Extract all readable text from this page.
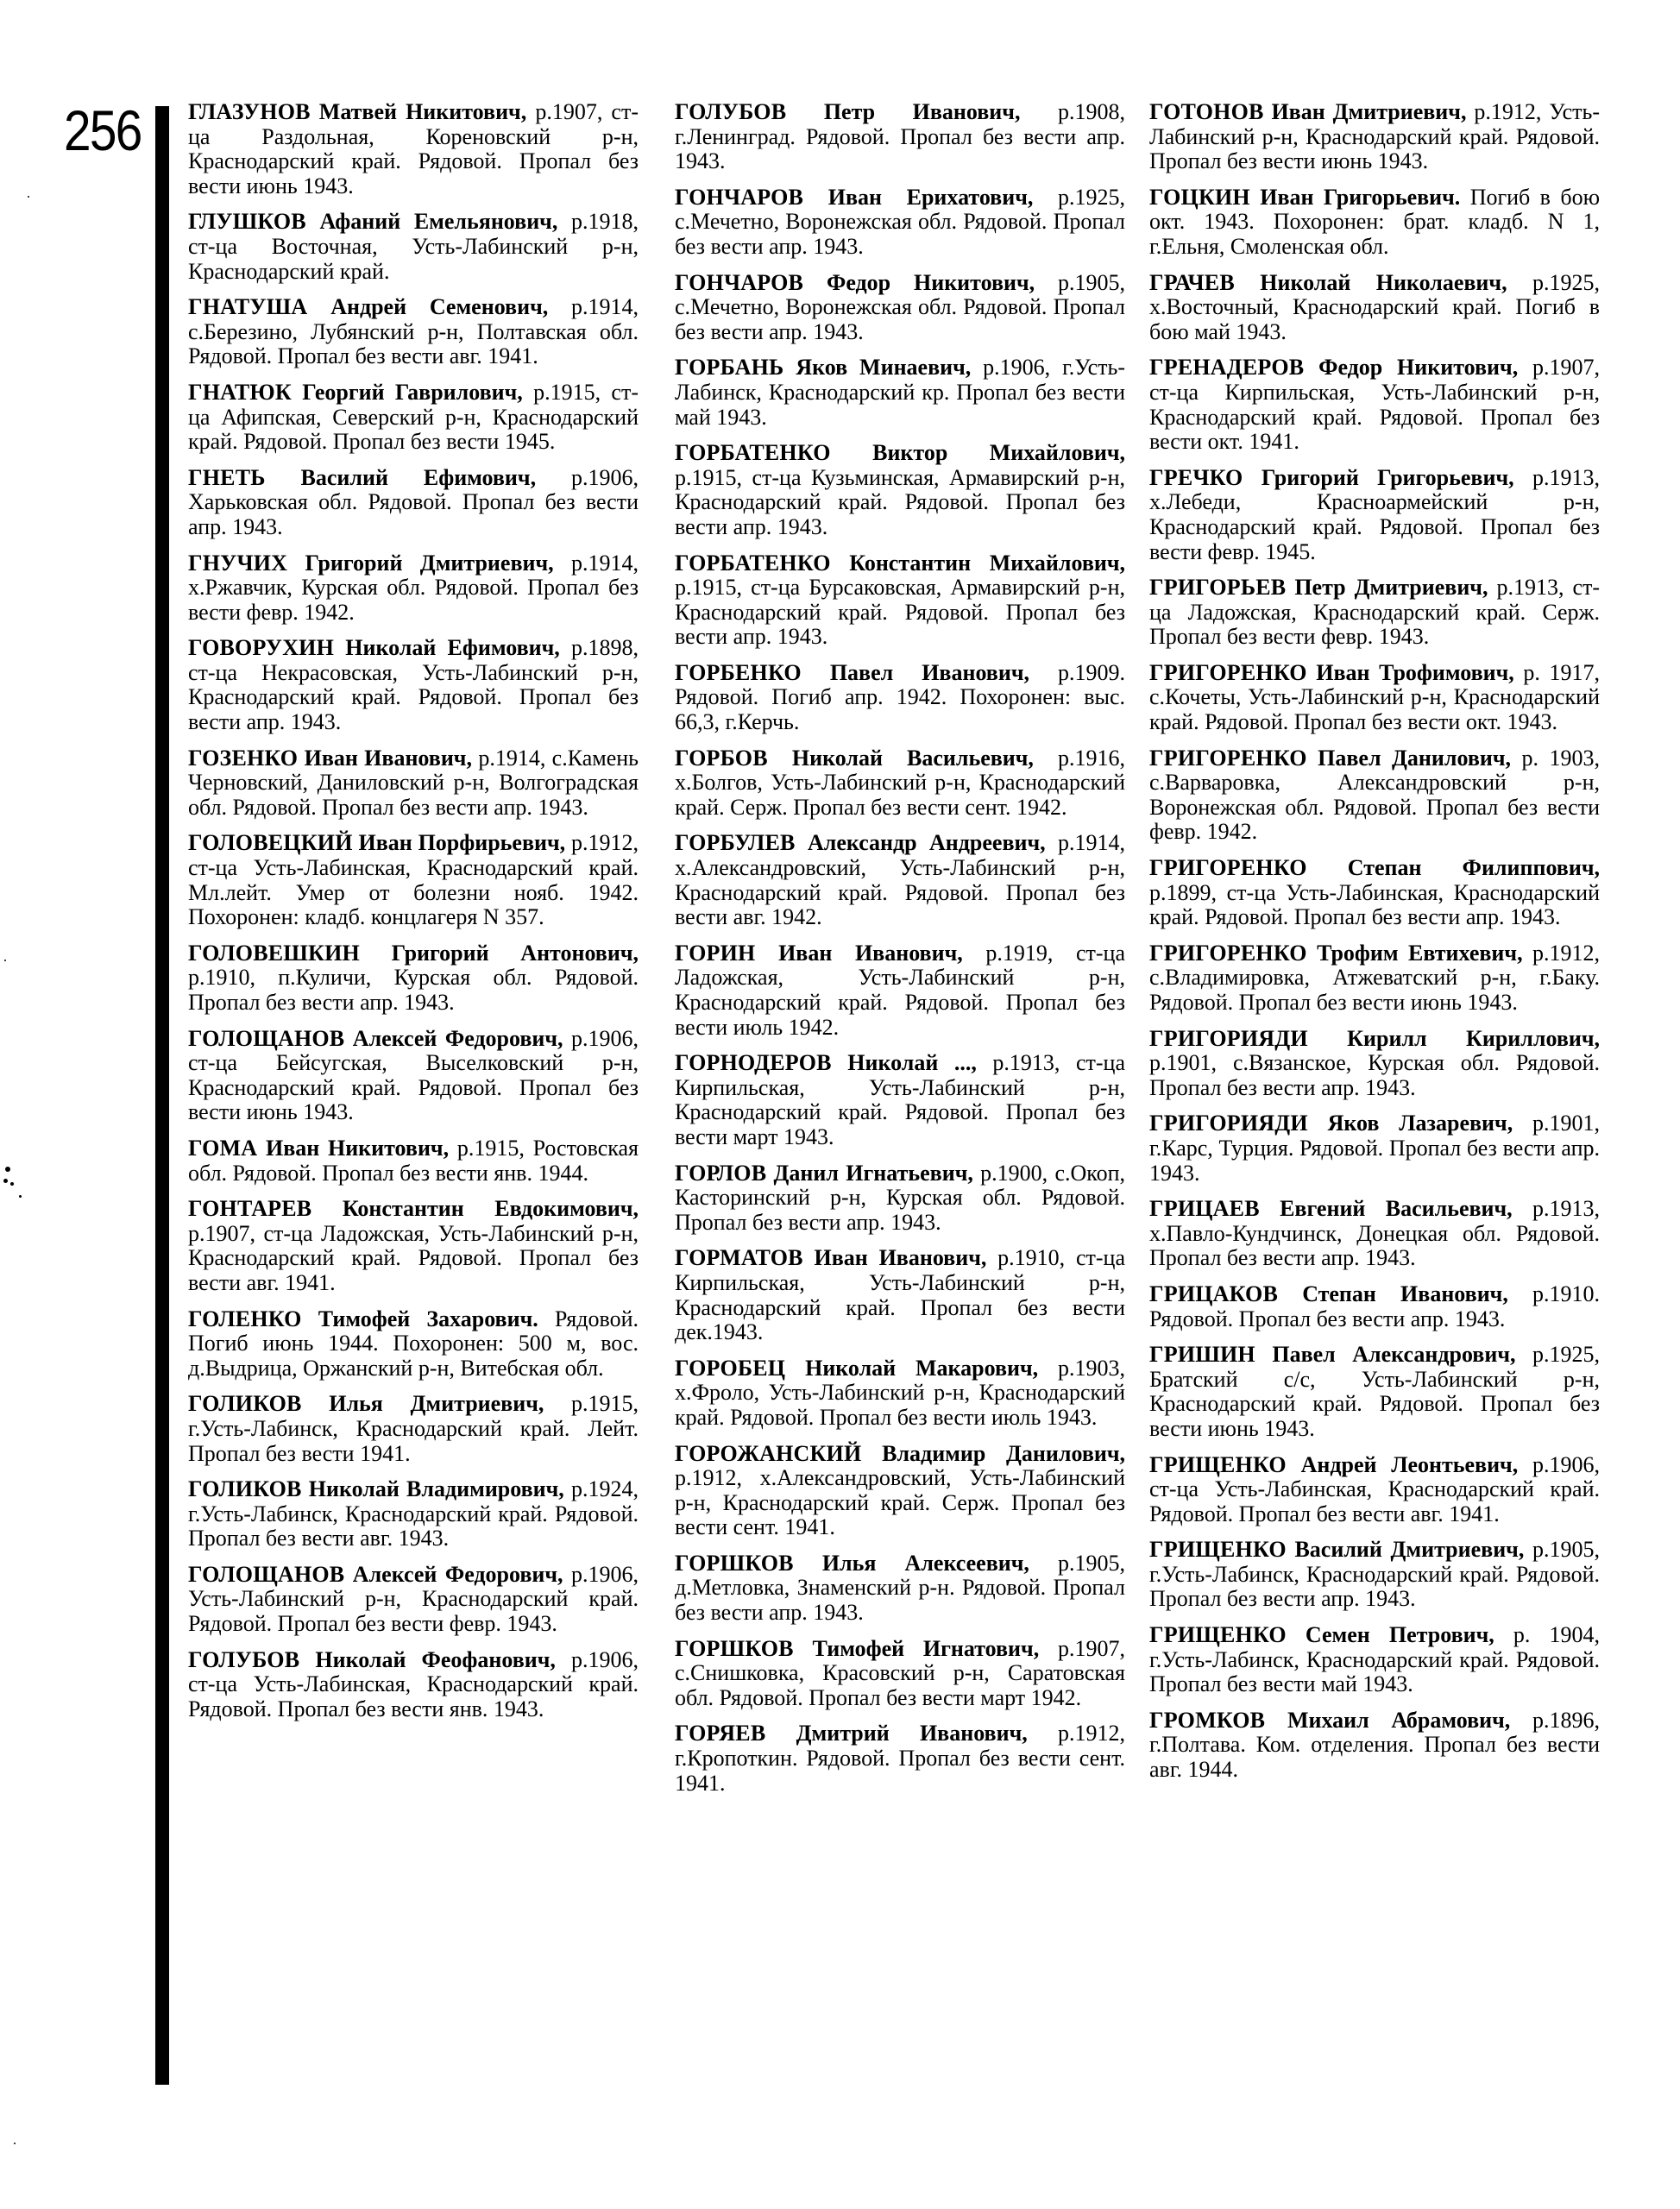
256 ГЛАЗУНОВ Матвей Никитович, р.1907, ст-ца Раздольная, Кореновский р-н, Краснодарский край. Рядовой. Пропал без вести июнь 1943.

ГЛУШКОВ Афаний Емельянович, р.1918, ст-ца Восточная, Усть-Лабинский р-н, Краснодарский край.

ГНАТУША Андрей Семенович, р.1914, с.Березино, Лубянский р-н, Полтавская обл. Рядовой. Пропал без вести авг. 1941.

ГНАТЮК Георгий Гаврилович, р.1915, ст-ца Афипская, Северский р-н, Краснодарский край. Рядовой. Пропал без вести 1945.

ГНЕТЬ Василий Ефимович, р.1906, Харьковская обл. Рядовой. Пропал без вести апр. 1943.

ГНУЧИХ Григорий Дмитриевич, р.1914, х.Ржавчик, Курская обл. Рядовой. Пропал без вести февр. 1942.

ГОВОРУХИН Николай Ефимович, р.1898, ст-ца Некрасовская, Усть-Лабинский р-н, Краснодарский край. Рядовой. Пропал без вести апр. 1943.

ГОЗЕНКО Иван Иванович, р.1914, с.Камень Черновский, Даниловский р-н, Волгоградская обл. Рядовой. Пропал без вести апр. 1943.

ГОЛОВЕЦКИЙ Иван Порфирьевич, р.1912, ст-ца Усть-Лабинская, Краснодарский край. Мл.лейт. Умер от болезни нояб. 1942. Похоронен: кладб. концлагеря N 357.

ГОЛОВЕШКИН Григорий Антонович, р.1910, п.Куличи, Курская обл. Рядовой. Пропал без вести апр. 1943.

ГОЛОЩАНОВ Алексей Федорович, р.1906, ст-ца Бейсугская, Выселковский р-н, Краснодарский край. Рядовой. Пропал без вести июнь 1943.

ГОМА Иван Никитович, р.1915, Ростовская обл. Рядовой. Пропал без вести янв. 1944.

ГОНТАРЕВ Константин Евдокимович, р.1907, ст-ца Ладожская, Усть-Лабинский р-н, Краснодарский край. Рядовой. Пропал без вести авг. 1941.

ГОЛЕНКО Тимофей Захарович. Рядовой. Погиб июнь 1944. Похоронен: 500 м, вос. д.Выдрица, Оржанский р-н, Витебская обл.

ГОЛИКОВ Илья Дмитриевич, р.1915, г.Усть-Лабинск, Краснодарский край. Лейт. Пропал без вести 1941.

ГОЛИКОВ Николай Владимирович, р.1924, г.Усть-Лабинск, Краснодарский край. Рядовой. Пропал без вести авг. 1943.

ГОЛОЩАНОВ Алексей Федорович, р.1906, Усть-Лабинский р-н, Краснодарский край. Рядовой. Пропал без вести февр. 1943.

ГОЛУБОВ Николай Феофанович, р.1906, ст-ца Усть-Лабинская, Краснодарский край. Рядовой. Пропал без вести янв. 1943.

ГОЛУБОВ Петр Иванович, р.1908, г.Ленинград. Рядовой. Пропал без вести апр. 1943.

ГОНЧАРОВ Иван Ерихатович, р.1925, с.Мечетно, Воронежская обл. Рядовой. Пропал без вести апр. 1943.

ГОНЧАРОВ Федор Никитович, р.1905, с.Мечетно, Воронежская обл. Рядовой. Пропал без вести апр. 1943.

ГОРБАНЬ Яков Минаевич, р.1906, г.Усть-Лабинск, Краснодарский кр. Пропал без вести май 1943.

ГОРБАТЕНКО Виктор Михайлович, р.1915, ст-ца Кузьминская, Армавирский р-н, Краснодарский край. Рядовой. Пропал без вести апр. 1943.

ГОРБАТЕНКО Константин Михайлович, р.1915, ст-ца Бурсаковская, Армавирский р-н, Краснодарский край. Рядовой. Пропал без вести апр. 1943.

ГОРБЕНКО Павел Иванович, р.1909. Рядовой. Погиб апр. 1942. Похоронен: выс. 66,3, г.Керчь.

ГОРБОВ Николай Васильевич, р.1916, х.Болгов, Усть-Лабинский р-н, Краснодарский край. Серж. Пропал без вести сент. 1942.

ГОРБУЛЕВ Александр Андреевич, р.1914, х.Александровский, Усть-Лабинский р-н, Краснодарский край. Рядовой. Пропал без вести авг. 1942.

ГОРИН Иван Иванович, р.1919, ст-ца Ладожская, Усть-Лабинский р-н, Краснодарский край. Рядовой. Пропал без вести июль 1942.

ГОРНОДЕРОВ Николай ..., р.1913, ст-ца Кирпильская, Усть-Лабинский р-н, Краснодарский край. Рядовой. Пропал без вести март 1943.

ГОРЛОВ Данил Игнатьевич, р.1900, с.Окоп, Касторинский р-н, Курская обл. Рядовой. Пропал без вести апр. 1943.

ГОРМАТОВ Иван Иванович, р.1910, ст-ца Кирпильская, Усть-Лабинский р-н, Краснодарский край. Пропал без вести дек.1943.

ГОРОБЕЦ Николай Макарович, р.1903, х.Фроло, Усть-Лабинский р-н, Краснодарский край. Рядовой. Пропал без вести июль 1943.

ГОРОЖАНСКИЙ Владимир Данилович, р.1912, х.Александровский, Усть-Лабинский р-н, Краснодарский край. Серж. Пропал без вести сент. 1941.

ГОРШКОВ Илья Алексеевич, р.1905, д.Метловка, Знаменский р-н. Рядовой. Пропал без вести апр. 1943.

ГОРШКОВ Тимофей Игнатович, р.1907, с.Снишковка, Красовский р-н, Саратовская обл. Рядовой. Пропал без вести март 1942.

ГОРЯЕВ Дмитрий Иванович, р.1912, г.Кропоткин. Рядовой. Пропал без вести сент. 1941.

ГОТОНОВ Иван Дмитриевич, р.1912, Усть-Лабинский р-н, Краснодарский край. Рядовой. Пропал без вести июнь 1943.

ГОЦКИН Иван Григорьевич. Погиб в бою окт. 1943. Похоронен: брат. кладб. N 1, г.Ельня, Смоленская обл.

ГРАЧЕВ Николай Николаевич, р.1925, х.Восточный, Краснодарский край. Погиб в бою май 1943.

ГРЕНАДЕРОВ Федор Никитович, р.1907, ст-ца Кирпильская, Усть-Лабинский р-н, Краснодарский край. Рядовой. Пропал без вести окт. 1941.

ГРЕЧКО Григорий Григорьевич, р.1913, х.Лебеди, Красноармейский р-н, Краснодарский край. Рядовой. Пропал без вести февр. 1945.

ГРИГОРЬЕВ Петр Дмитриевич, р.1913, ст-ца Ладожская, Краснодарский край. Серж. Пропал без вести февр. 1943.

ГРИГОРЕНКО Иван Трофимович, р. 1917, с.Кочеты, Усть-Лабинский р-н, Краснодарский край. Рядовой. Пропал без вести окт. 1943.

ГРИГОРЕНКО Павел Данилович, р. 1903, с.Варваровка, Александровский р-н, Воронежская обл. Рядовой. Пропал без вести февр. 1942.

ГРИГОРЕНКО Степан Филиппович, р.1899, ст-ца Усть-Лабинская, Краснодарский край. Рядовой. Пропал без вести апр. 1943.

ГРИГОРЕНКО Трофим Евтихевич, р.1912, с.Владимировка, Атжеватский р-н, г.Баку. Рядовой. Пропал без вести июнь 1943.

ГРИГОРИЯДИ Кирилл Кириллович, р.1901, с.Вязанское, Курская обл. Рядовой. Пропал без вести апр. 1943.

ГРИГОРИЯДИ Яков Лазаревич, р.1901, г.Карс, Турция. Рядовой. Пропал без вести апр. 1943.

ГРИЦАЕВ Евгений Васильевич, р.1913, х.Павло-Кундчинск, Донецкая обл. Рядовой. Пропал без вести апр. 1943.

ГРИЦАКОВ Степан Иванович, р.1910. Рядовой. Пропал без вести апр. 1943.

ГРИШИН Павел Александрович, р.1925, Братский с/с, Усть-Лабинский р-н, Краснодарский край. Рядовой. Пропал без вести июнь 1943.

ГРИЩЕНКО Андрей Леонтьевич, р.1906, ст-ца Усть-Лабинская, Краснодарский край. Рядовой. Пропал без вести авг. 1941.

ГРИЩЕНКО Василий Дмитриевич, р.1905, г.Усть-Лабинск, Краснодарский край. Рядовой. Пропал без вести апр. 1943.

ГРИЩЕНКО Семен Петрович, р. 1904, г.Усть-Лабинск, Краснодарский край. Рядовой. Пропал без вести май 1943.

ГРОМКОВ Михаил Абрамович, р.1896, г.Полтава. Ком. отделения. Пропал без вести авг. 1944.
